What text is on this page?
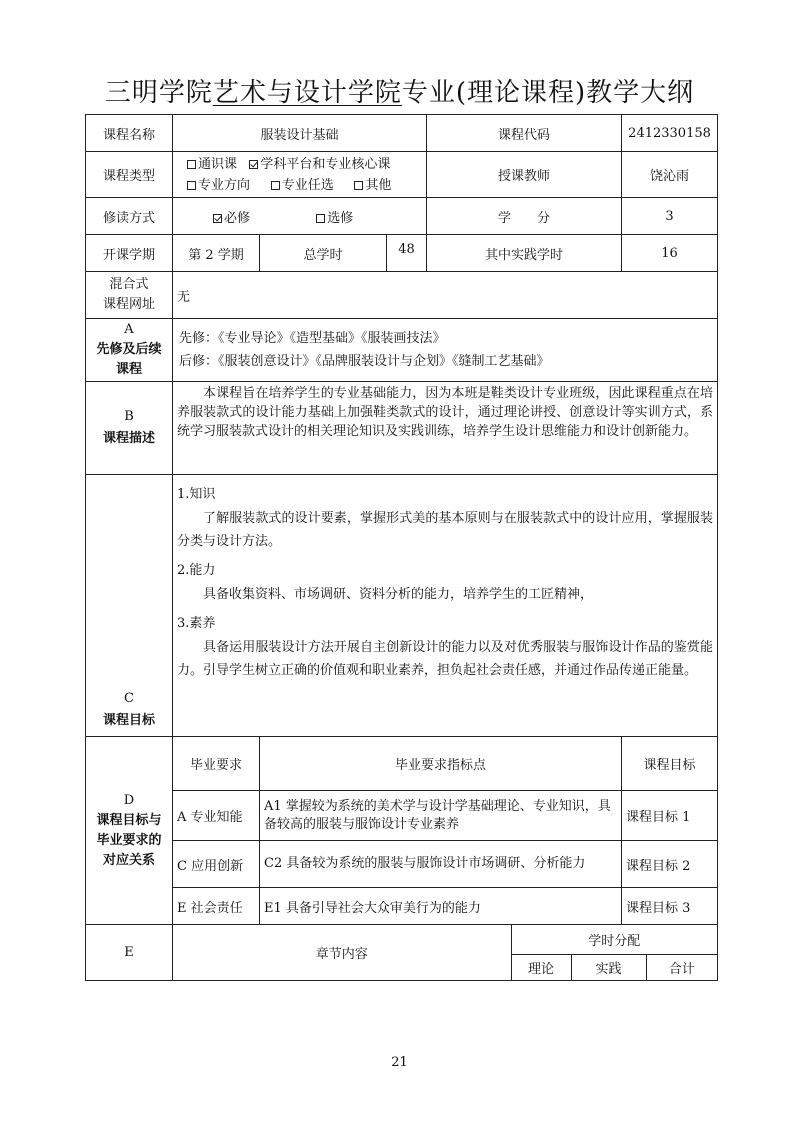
三明学院艺术与设计学院专业(理论课程)教学大纲
课程名称	服装设计基础	课程代码	2412330158
课程类型	通识课 学科平台和专业核心课
专业方向 专业任选 其他	授课教师	饶沁雨
修读方式	必修	选修	学　　分	3
开课学期	第 2 学期	总学时	48	其中实践学时	16
混合式
课程网址	无
A
先修及后续
课程	
先修：《专业导论》《造型基础》《服装画技法》
后修：《服装创意设计》《品牌服装设计与企划》《缝制工艺基础》

B
课程描述	

本课程旨在培养学生的专业基础能力，因为本班是鞋类设计专业班级，因此课程重点在培养服装款式的设计能力基础上加强鞋类款式的设计，通过理论讲授、创意设计等实训方式，系统学习服装款式设计的相关理论知识及实践训练，培养学生设计思维能力和设计创新能力。

C
课程目标	
1.知识

了解服装款式的设计要素，掌握形式美的基本原则与在服装款式中的设计应用，掌握服装分类与设计方法。

2.能力

具备收集资料、市场调研、资料分析的能力，培养学生的工匠精神，

3.素养

具备运用服装设计方法开展自主创新设计的能力以及对优秀服装与服饰设计作品的鉴赏能力。引导学生树立正确的价值观和职业素养，担负起社会责任感，并通过作品传递正能量。

D
课程目标与
毕业要求的
对应关系	毕业要求	毕业要求指标点	课程目标
A 专业知能	A1 掌握较为系统的美术学与设计学基础理论、专业知识，具备较高的服装与服饰设计专业素养	课程目标 1
C 应用创新	C2 具备较为系统的服装与服饰设计市场调研、分析能力	课程目标 2
E 社会责任	E1 具备引导社会大众审美行为的能力	课程目标 3
E		章节内容	学时分配
理论	实践	合计
21
